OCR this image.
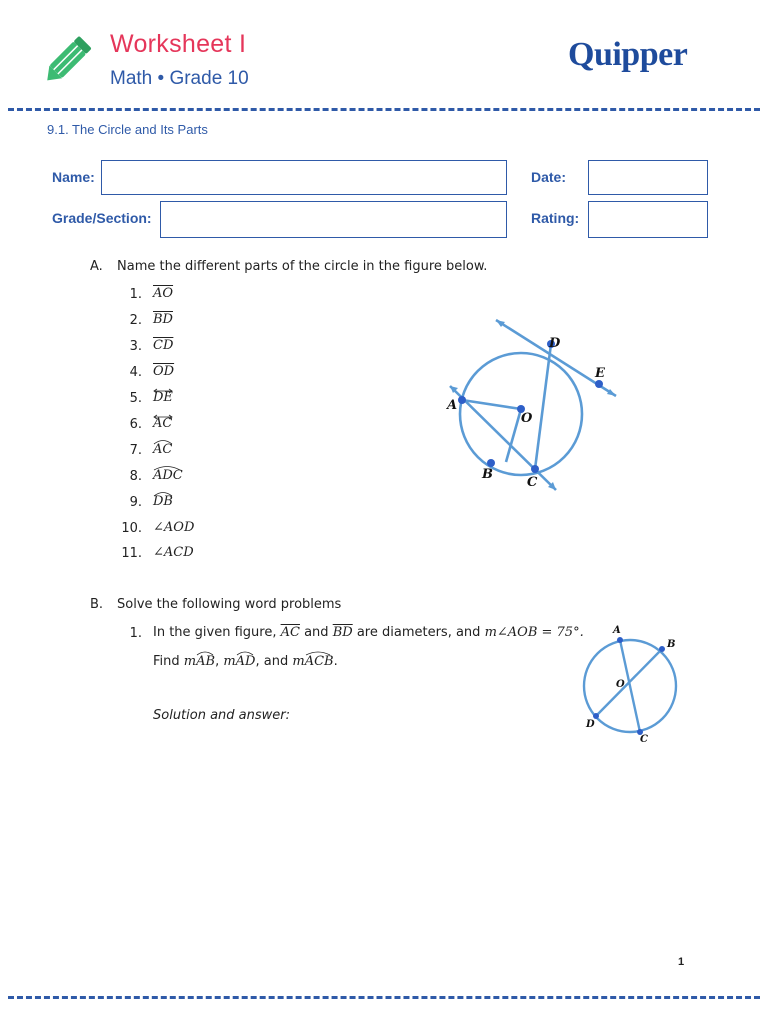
Worksheet I
Math • Grade 10
Quipper
9.1. The Circle and Its Parts
Name:	Date:
Grade/Section:	Rating:
A. Name the different parts of the circle in the figure below.
1. $\overline{AO}$
2. $\overline{BD}$
3. $\overline{CD}$
4. $\overline{OD}$
5. DE
6. AC
7. AC
8. ADC
9. DB
10. ∠AOD
11. ∠ACD
D
E
A
O
B
C
B. Solve the following word problems
1. In the given figure, $\overline{AC}$ and $\overline{BD}$ are diameters, and m∠AOB = 75°.
Find m
AB, m
AD, and m
ACB.
Solution and answer:
A
B
O
D
C
1
